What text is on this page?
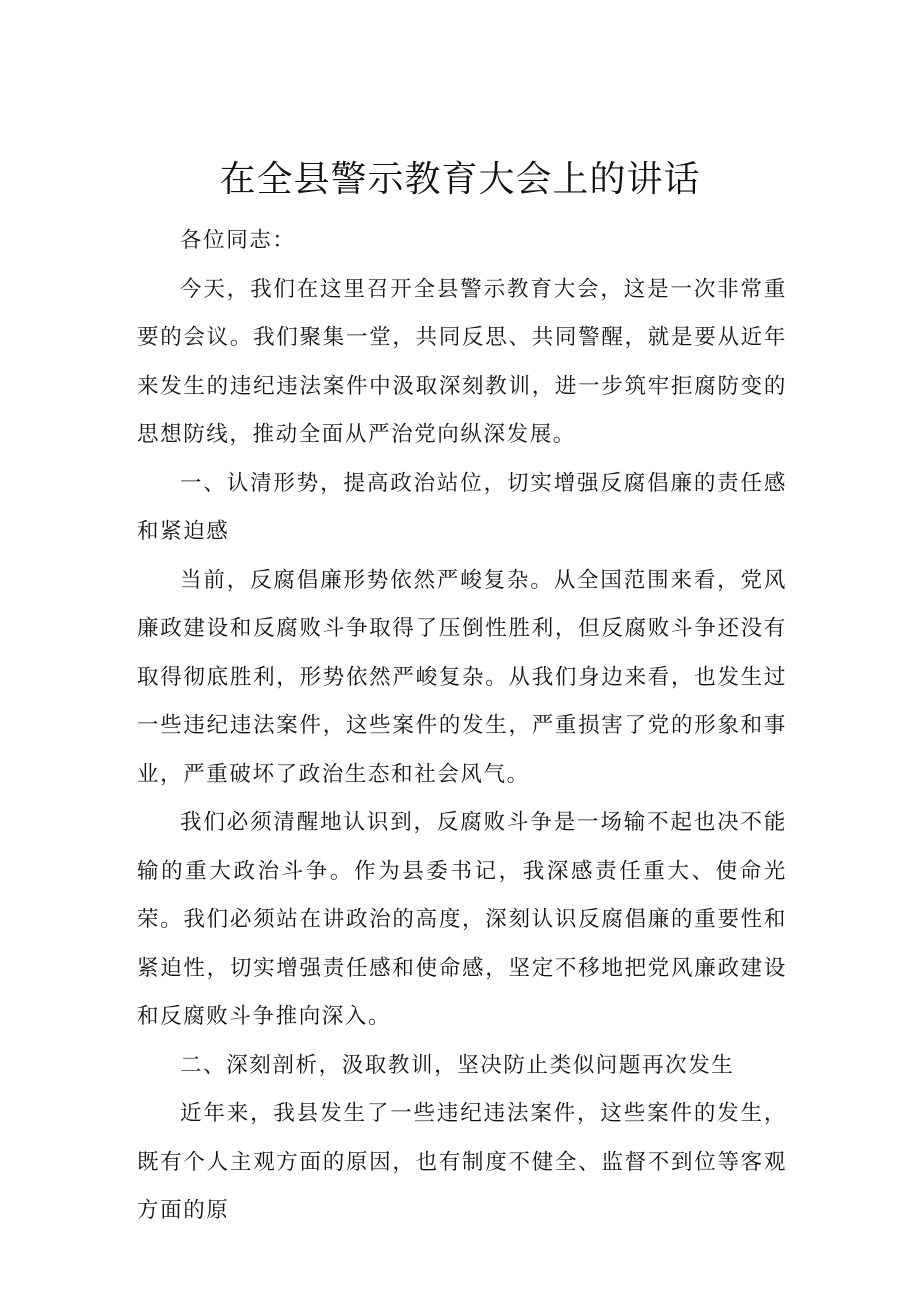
在全县警示教育大会上的讲话

各位同志：

今天，我们在这里召开全县警示教育大会，这是一次非常重要的会议。我们聚集一堂，共同反思、共同警醒，就是要从近年来发生的违纪违法案件中汲取深刻教训，进一步筑牢拒腐防变的思想防线，推动全面从严治党向纵深发展。

一、认清形势，提高政治站位，切实增强反腐倡廉的责任感和紧迫感

当前，反腐倡廉形势依然严峻复杂。从全国范围来看，党风廉政建设和反腐败斗争取得了压倒性胜利，但反腐败斗争还没有取得彻底胜利，形势依然严峻复杂。从我们身边来看，也发生过一些违纪违法案件，这些案件的发生，严重损害了党的形象和事业，严重破坏了政治生态和社会风气。

我们必须清醒地认识到，反腐败斗争是一场输不起也决不能输的重大政治斗争。作为县委书记，我深感责任重大、使命光荣。我们必须站在讲政治的高度，深刻认识反腐倡廉的重要性和紧迫性，切实增强责任感和使命感，坚定不移地把党风廉政建设和反腐败斗争推向深入。

二、深刻剖析，汲取教训，坚决防止类似问题再次发生

近年来，我县发生了一些违纪违法案件，这些案件的发生，既有个人主观方面的原因，也有制度不健全、监督不到位等客观方面的原
